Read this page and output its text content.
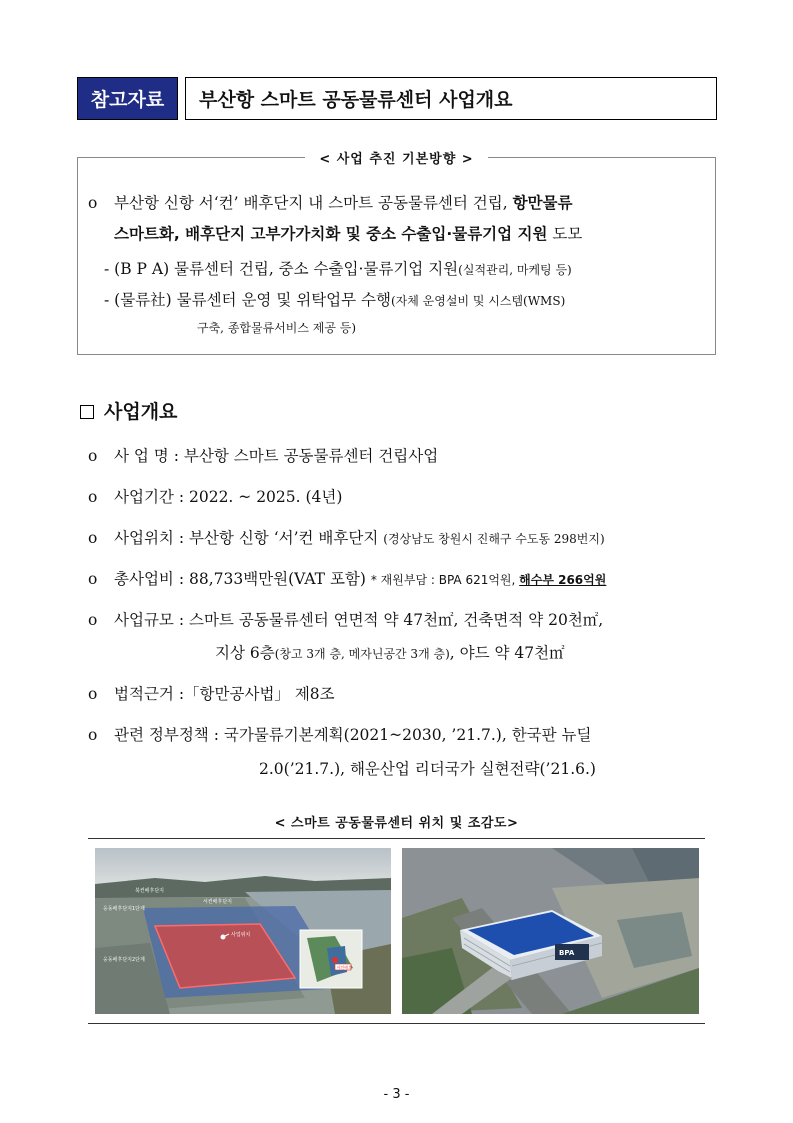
참고자료	부산항 스마트 공동물류센터 사업개요
< 사업 추진 기본방향 >
o 부산항 신항 서‘컨’ 배후단지 내 스마트 공동물류센터 건립, 항만물류
스마트화, 배후단지 고부가가치화 및 중소 수출입·물류기업 지원 도모
- (B P A) 물류센터 건립, 중소 수출입·물류기업 지원(실적관리, 마케팅 등)
- (물류社) 물류센터 운영 및 위탁업무 수행(자체 운영설비 및 시스템(WMS)
구축, 종합물류서비스 제공 등)
사업개요
o 사 업 명 : 부산항 스마트 공동물류센터 건립사업
o 사업기간 : 2022. ~ 2025. (4년)
o 사업위치 : 부산항 신항 ‘서’컨 배후단지 (경상남도 창원시 진해구 수도동 298번지)
o 총사업비 : 88,733백만원(VAT 포함) * 재원부담 : BPA 621억원, 해수부 266억원
o 사업규모 : 스마트 공동물류센터 연면적 약 47천㎡, 건축면적 약 20천㎡,
지상 6층(창고 3개 층, 메자닌공간 3개 층), 야드 약 47천㎡
o 법적근거 :「항만공사법」 제8조
o 관련 정부정책 : 국가물류기본계획(2021~2030, ’21.7.), 한국판 뉴딜
2.0(’21.7.), 해운산업 리더국가 실현전략(’21.6.)
< 스마트 공동물류센터 위치 및 조감도>
사업위치
웅동배후단지2단계
웅동배후단지1단계
서컨배후단지
북컨배후단지
서컨배후
BPA
- 3 -
